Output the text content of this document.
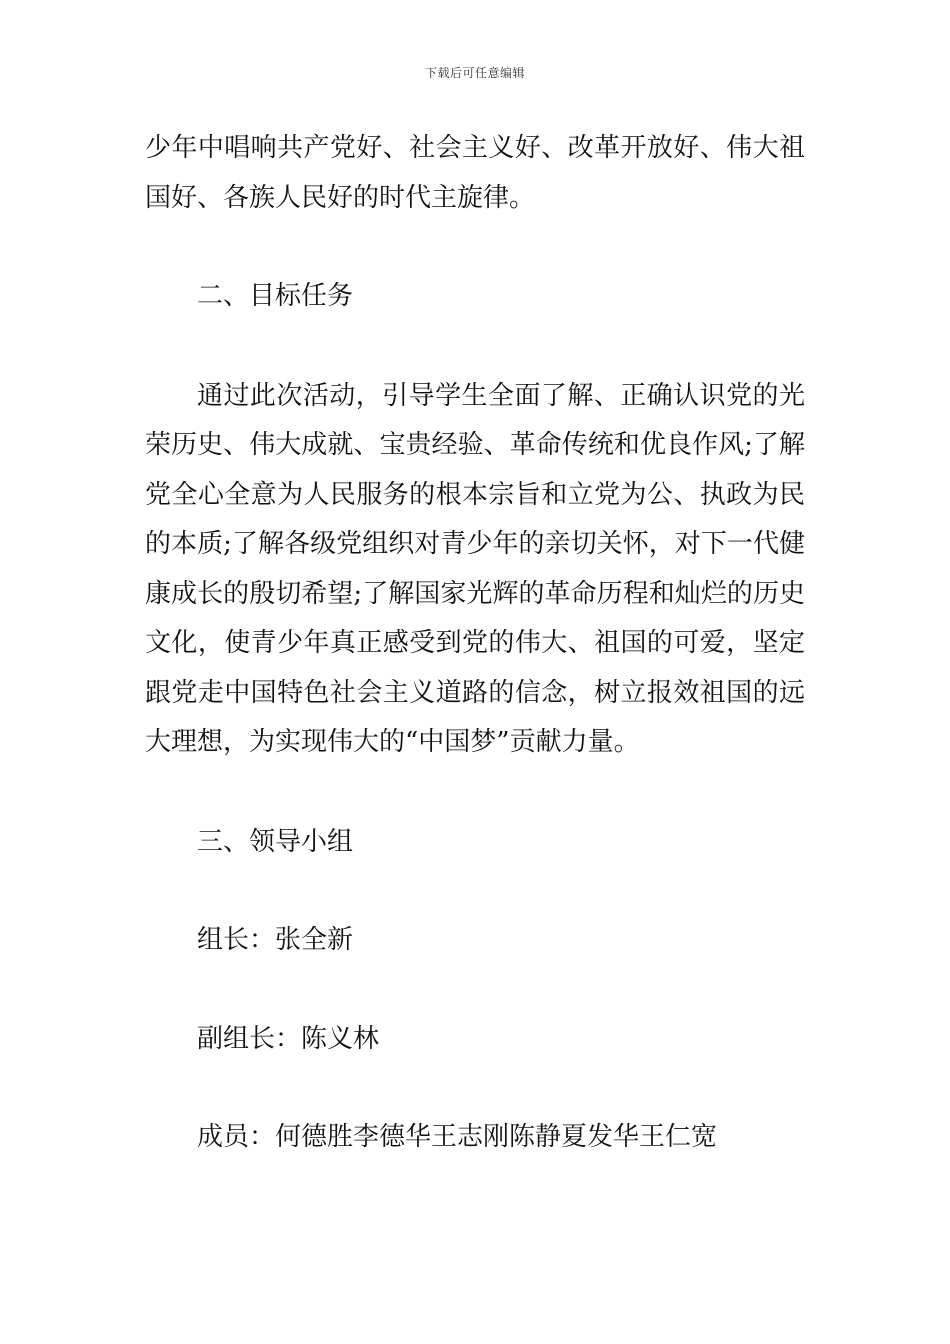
下载后可任意编辑

少年中唱响共产党好、社会主义好、改革开放好、伟大祖国好、各族人民好的时代主旋律。

二、目标任务

通过此次活动，引导学生全面了解、正确认识党的光荣历史、伟大成就、宝贵经验、革命传统和优良作风;了解党全心全意为人民服务的根本宗旨和立党为公、执政为民的本质;了解各级党组织对青少年的亲切关怀，对下一代健康成长的殷切希望;了解国家光辉的革命历程和灿烂的历史文化，使青少年真正感受到党的伟大、祖国的可爱，坚定跟党走中国特色社会主义道路的信念，树立报效祖国的远大理想，为实现伟大的“中国梦”贡献力量。

三、领导小组

组长：张全新

副组长：陈义林

成员：何德胜李德华王志刚陈静夏发华王仁宽
